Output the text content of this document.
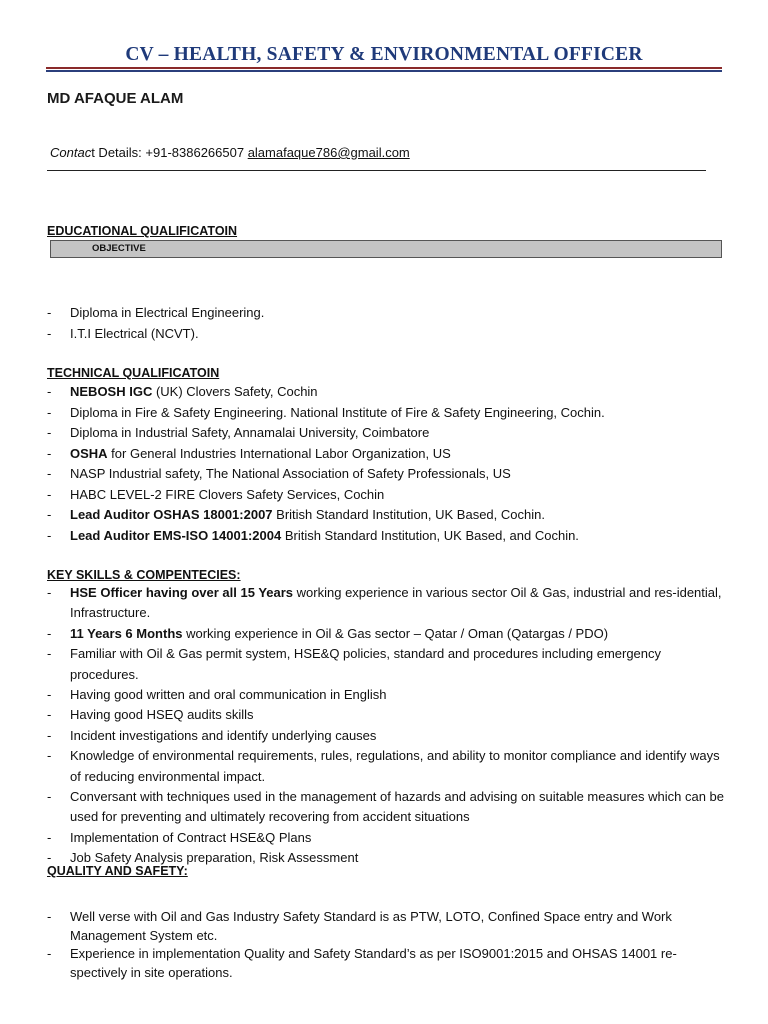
CV – HEALTH, SAFETY & ENVIRONMENTAL OFFICER
MD AFAQUE ALAM
Contact Details: +91-8386266507 alamafaque786@gmail.com
EDUCATIONAL QUALIFICATOIN
OBJECTIVE
- Diploma in Electrical Engineering.
- I.T.I Electrical (NCVT).
TECHNICAL QUALIFICATOIN
- NEBOSH IGC (UK) Clovers Safety, Cochin
- Diploma in Fire & Safety Engineering. National Institute of Fire & Safety Engineering, Cochin.
- Diploma in Industrial Safety, Annamalai University, Coimbatore
- OSHA for General Industries International Labor Organization, US
- NASP Industrial safety, The National Association of Safety Professionals, US
- HABC LEVEL-2 FIRE Clovers Safety Services, Cochin
- Lead Auditor OSHAS 18001:2007 British Standard Institution, UK Based, Cochin.
- Lead Auditor EMS-ISO 14001:2004 British Standard Institution, UK Based, and Cochin.
KEY SKILLS & COMPENTECIES:
- HSE Officer having over all 15 Years working experience in various sector Oil & Gas, industrial and res-idential, Infrastructure.
- 11 Years 6 Months working experience in Oil & Gas sector – Qatar / Oman (Qatargas / PDO)
- Familiar with Oil & Gas permit system, HSE&Q policies, standard and procedures including emergency procedures.
- Having good written and oral communication in English
- Having good HSEQ audits skills
- Incident investigations and identify underlying causes
- Knowledge of environmental requirements, rules, regulations, and ability to monitor compliance and identify ways of reducing environmental impact.
- Conversant with techniques used in the management of hazards and advising on suitable measures which can be used for preventing and ultimately recovering from accident situations
- Implementation of Contract HSE&Q Plans
- Job Safety Analysis preparation, Risk Assessment
QUALITY AND SAFETY:
- Well verse with Oil and Gas Industry Safety Standard is as PTW, LOTO, Confined Space entry and Work Management System etc.
- Experience in implementation Quality and Safety Standard’s as per ISO9001:2015 and OHSAS 14001 re-spectively in site operations.
